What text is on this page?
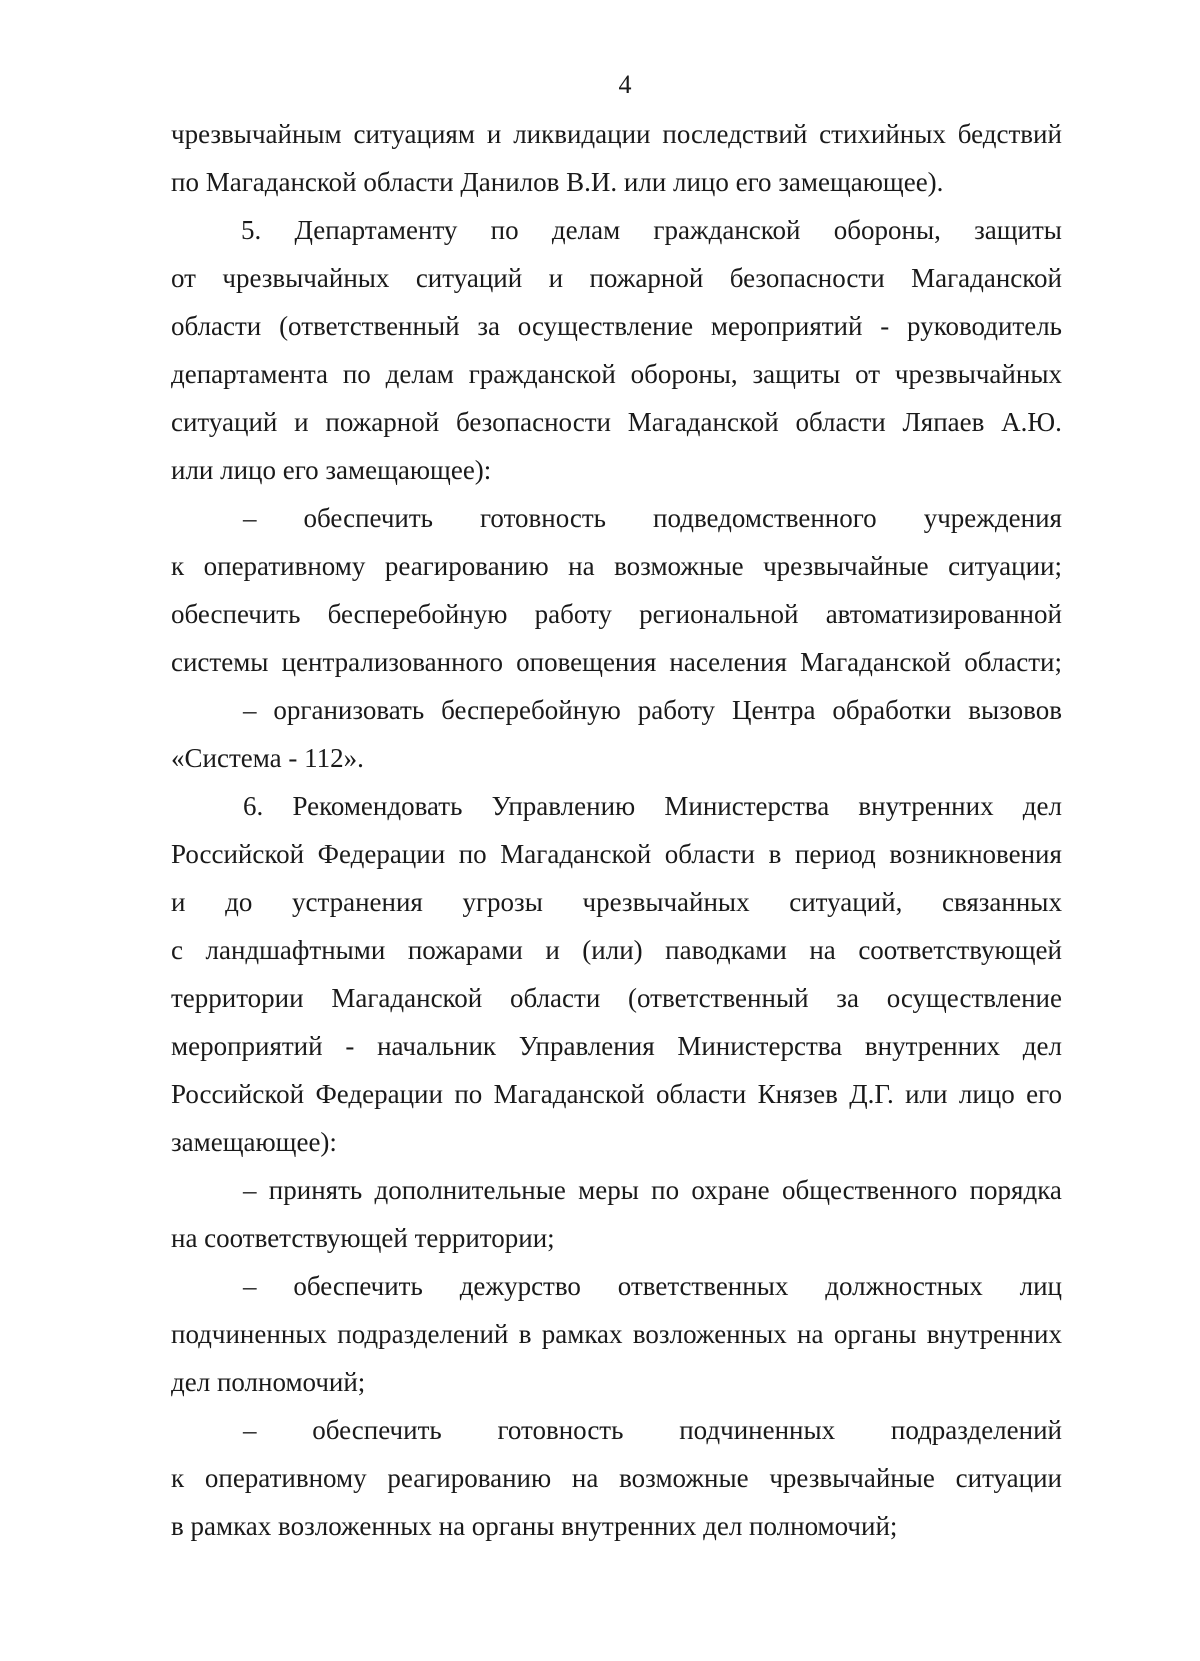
4
чрезвычайным ситуациям и ликвидации последствий стихийных бедствий
по Магаданской области Данилов В.И. или лицо его замещающее).
5. Департаменту по делам гражданской обороны, защиты
от чрезвычайных ситуаций и пожарной безопасности Магаданской
области (ответственный за осуществление мероприятий - руководитель
департамента по делам гражданской обороны, защиты от чрезвычайных
ситуаций и пожарной безопасности Магаданской области Ляпаев А.Ю.
или лицо его замещающее):
– обеспечить готовность подведомственного учреждения
к оперативному реагированию на возможные чрезвычайные ситуации;
обеспечить бесперебойную работу региональной автоматизированной
системы централизованного оповещения населения Магаданской области;
– организовать бесперебойную работу Центра обработки вызовов
«Система - 112».
6. Рекомендовать Управлению Министерства внутренних дел
Российской Федерации по Магаданской области в период возникновения
и до устранения угрозы чрезвычайных ситуаций, связанных
с ландшафтными пожарами и (или) паводками на соответствующей
территории Магаданской области (ответственный за осуществление
мероприятий - начальник Управления Министерства внутренних дел
Российской Федерации по Магаданской области Князев Д.Г. или лицо его
замещающее):
– принять дополнительные меры по охране общественного порядка
на соответствующей территории;
– обеспечить дежурство ответственных должностных лиц
подчиненных подразделений в рамках возложенных на органы внутренних
дел полномочий;
– обеспечить готовность подчиненных подразделений
к оперативному реагированию на возможные чрезвычайные ситуации
в рамках возложенных на органы внутренних дел полномочий;
